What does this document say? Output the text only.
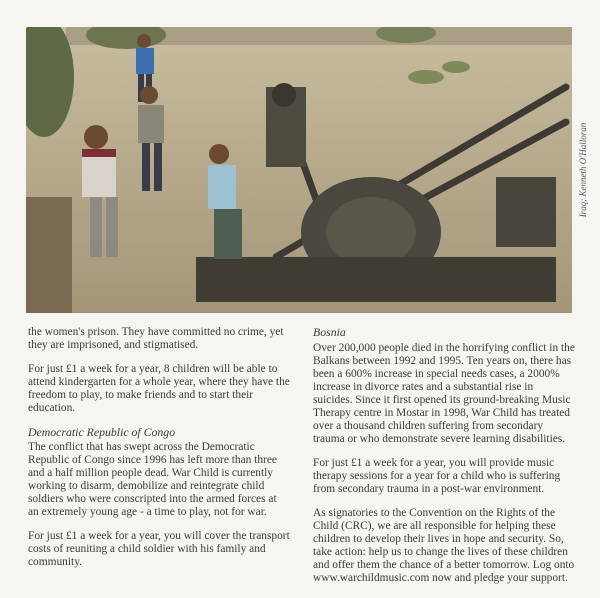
Iraq; Kenneth O'Halloran

the women's prison. They have committed no crime, yet they are imprisoned, and stigmatised.

For just £1 a week for a year, 8 children will be able to attend kindergarten for a whole year, where they have the freedom to play, to make friends and to start their education.

Democratic Republic of Congo

The conflict that has swept across the Democratic Republic of Congo since 1996 has left more than three and a half million people dead. War Child is currently working to disarm, demobilize and reintegrate child soldiers who were conscripted into the armed forces at an extremely young age - a time to play, not for war.

For just £1 a week for a year, you will cover the transport costs of reuniting a child soldier with his family and community.

Bosnia

Over 200,000 people died in the horrifying conflict in the Balkans between 1992 and 1995. Ten years on, there has been a 600% increase in special needs cases, a 2000% increase in divorce rates and a substantial rise in suicides. Since it first opened its ground-breaking Music Therapy centre in Mostar in 1998, War Child has treated over a thousand children suffering from secondary trauma or who demonstrate severe learning disabilities.

For just £1 a week for a year, you will provide music therapy sessions for a year for a child who is suffering from secondary trauma in a post-war environment.

As signatories to the Convention on the Rights of the Child (CRC), we are all responsible for helping these children to develop their lives in hope and security. So, take action: help us to change the lives of these children and offer them the chance of a better tomorrow. Log onto www.warchildmusic.com now and pledge your support.
